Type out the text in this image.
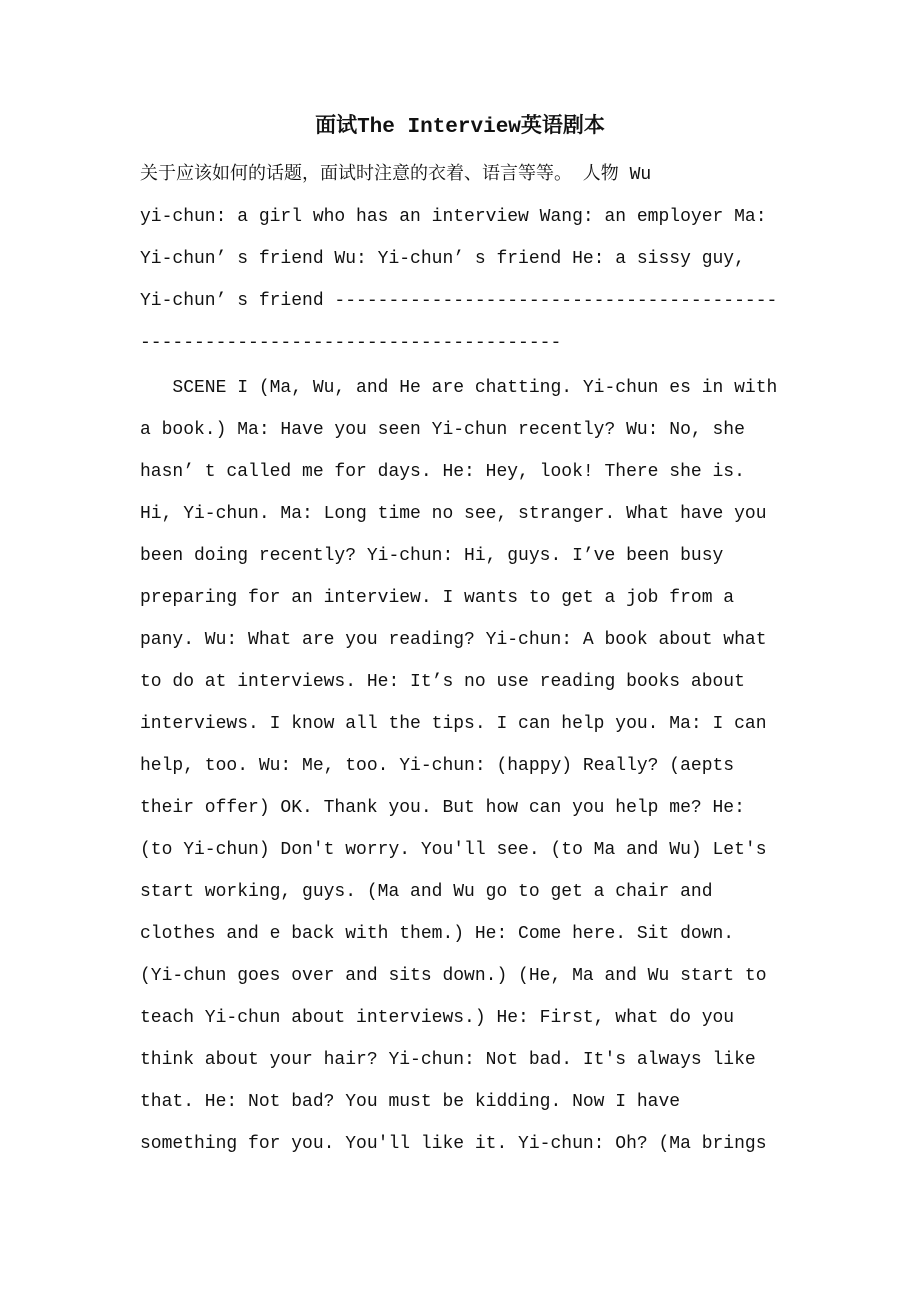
面试The Interview英语剧本
关于应该如何的话题，面试时注意的衣着、语言等等。 人物 Wu
yi-chun: a girl who has an interview Wang: an employer Ma:
Yi-chun’ s friend Wu: Yi-chun’ s friend He: a sissy guy,
Yi-chun’ s friend -----------------------------------------
---------------------------------------
SCENE I (Ma, Wu, and He are chatting. Yi-chun es in with
a book.) Ma: Have you seen Yi-chun recently? Wu: No, she
hasn’ t called me for days. He: Hey, look! There she is.
Hi, Yi-chun. Ma: Long time no see, stranger. What have you
been doing recently? Yi-chun: Hi, guys. I’ve been busy
preparing for an interview. I wants to get a job from a
pany. Wu: What are you reading? Yi-chun: A book about what
to do at interviews. He: It’s no use reading books about
interviews. I know all the tips. I can help you. Ma: I can
help, too. Wu: Me, too. Yi-chun: (happy) Really? (aepts
their offer) OK. Thank you. But how can you help me? He:
(to Yi-chun) Don't worry. You'll see. (to Ma and Wu) Let's
start working, guys. (Ma and Wu go to get a chair and
clothes and e back with them.) He: Come here. Sit down.
(Yi-chun goes over and sits down.) (He, Ma and Wu start to
teach Yi-chun about interviews.) He: First, what do you
think about your hair? Yi-chun: Not bad. It's always like
that. He: Not bad? You must be kidding. Now I have
something for you. You'll like it. Yi-chun: Oh? (Ma brings
